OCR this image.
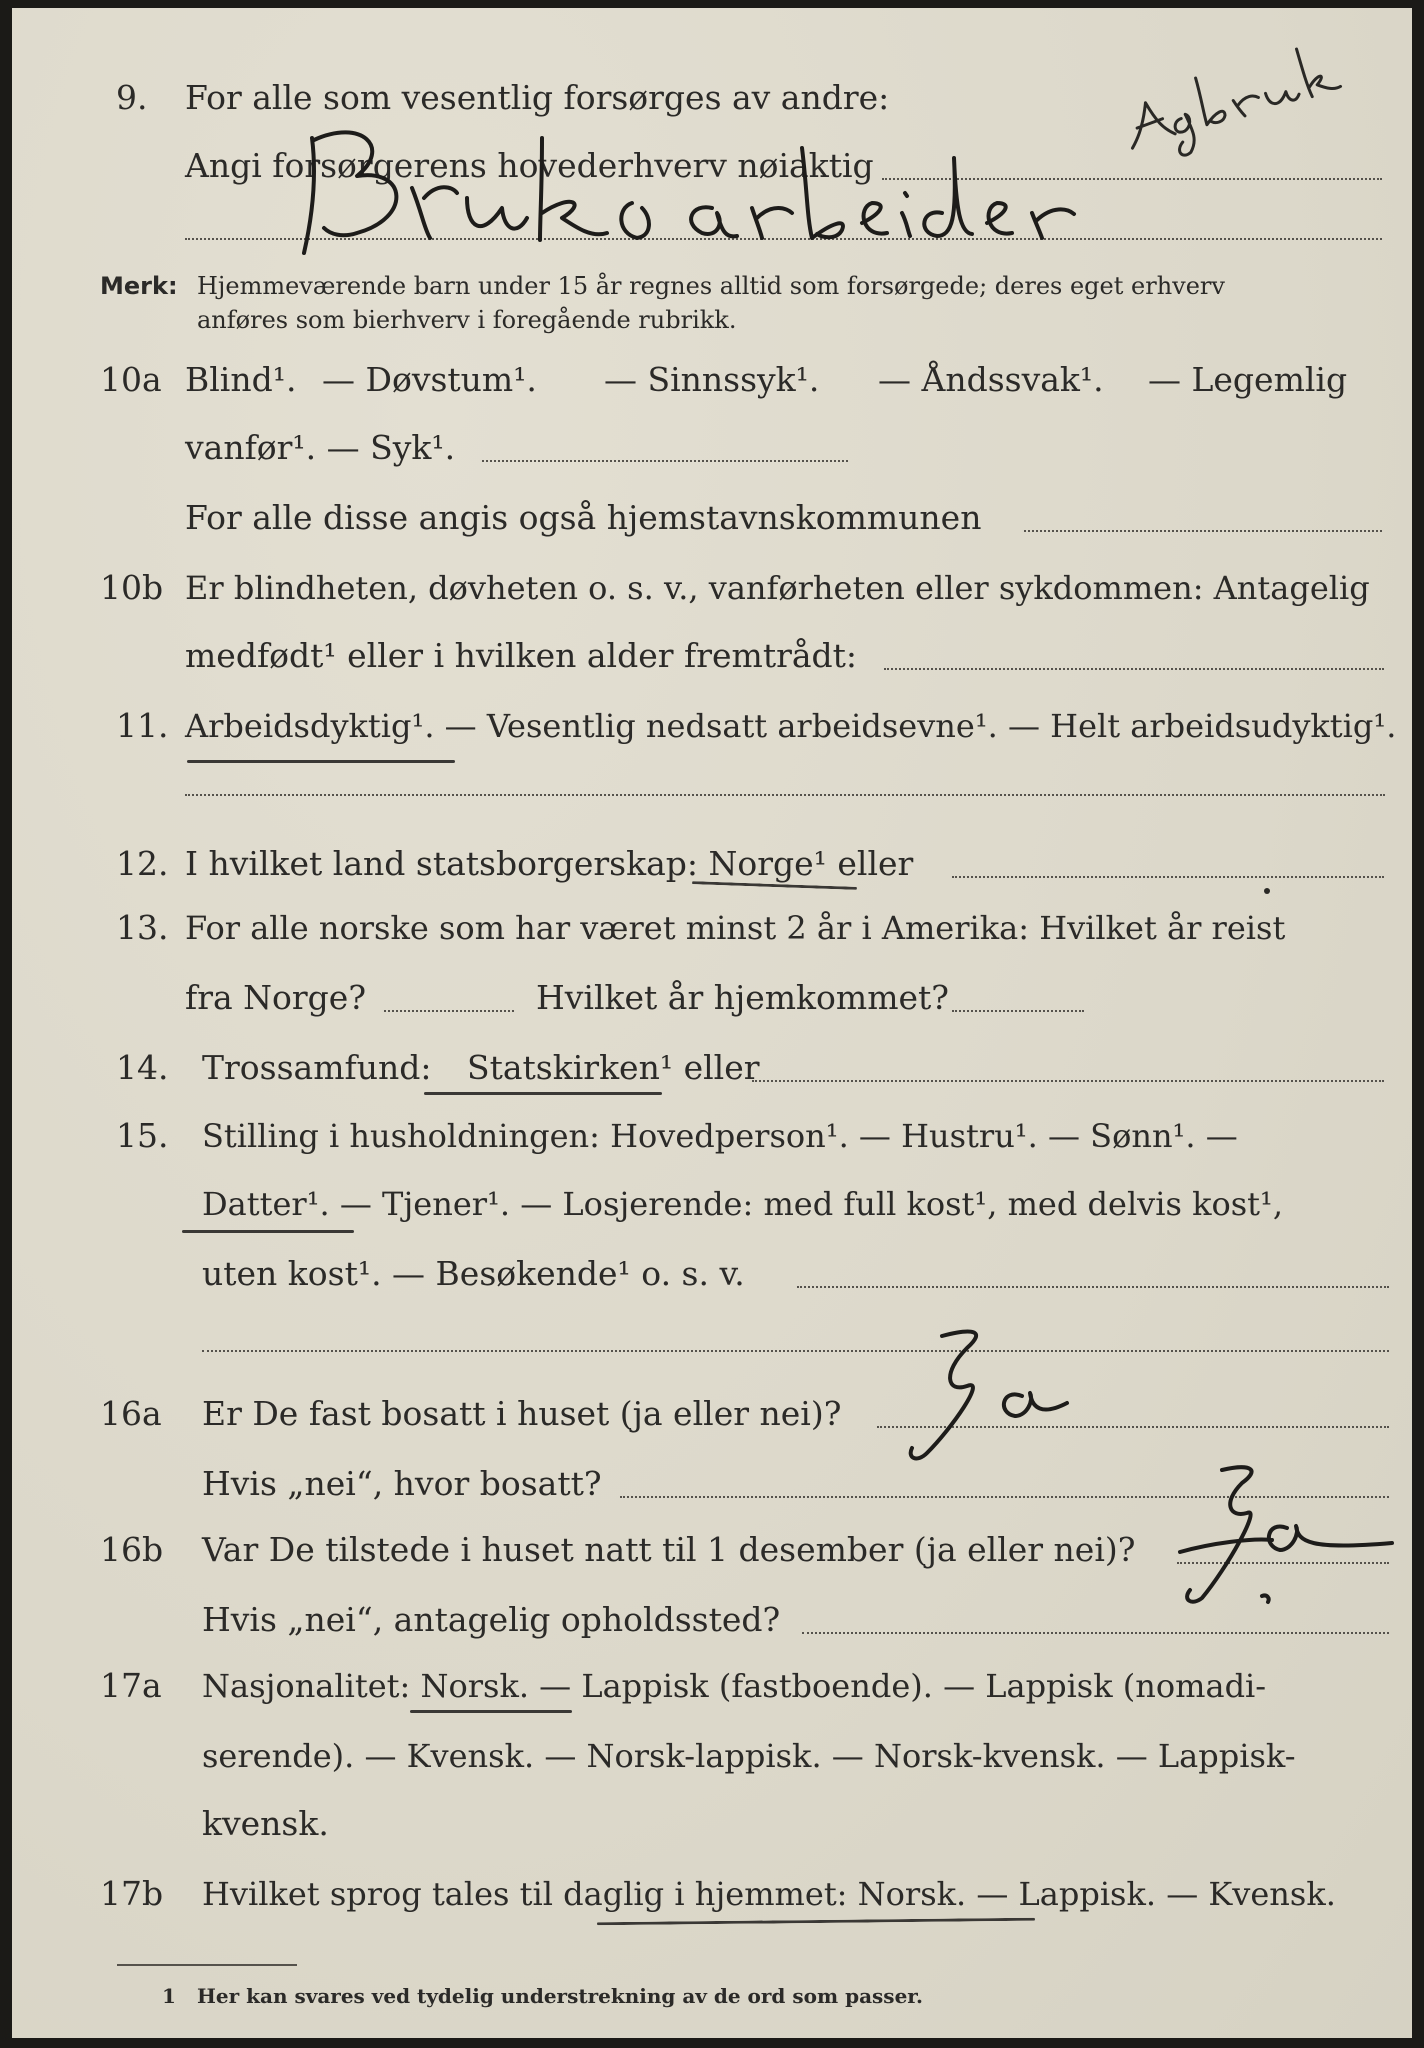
9. For alle som vesentlig forsørges av andre:
Angi forsørgerens hovederhverv nøiaktig
Merk: Hjemmeværende barn under 15 år regnes alltid som forsørgede; deres eget erhverv
anføres som bierhverv i foregående rubrikk.
10a Blind¹. — Døvstum¹. — Sinnssyk¹. — Åndssvak¹. — Legemlig
vanfør¹. — Syk¹.
For alle disse angis også hjemstavnskommunen
10b Er blindheten, døvheten o. s. v., vanførheten eller sykdommen: Antagelig
medfødt¹ eller i hvilken alder fremtrådt:
11. Arbeidsdyktig¹. — Vesentlig nedsatt arbeidsevne¹. — Helt arbeidsudyktig¹.
12. I hvilket land statsborgerskap: Norge¹ eller
13. For alle norske som har været minst 2 år i Amerika: Hvilket år reist
fra Norge?	Hvilket år hjemkommet?
14. Trossamfund: Statskirken¹ eller
15. Stilling i husholdningen: Hovedperson¹. — Hustru¹. — Sønn¹. —
Datter¹. — Tjener¹. — Losjerende: med full kost¹, med delvis kost¹,
uten kost¹. — Besøkende¹ o. s. v.
16a Er De fast bosatt i huset (ja eller nei)?
Hvis „nei“, hvor bosatt?
16b Var De tilstede i huset natt til 1 desember (ja eller nei)?
Hvis „nei“, antagelig opholdssted?
17a Nasjonalitet: Norsk. — Lappisk (fastboende). — Lappisk (nomadi-
serende). — Kvensk. — Norsk-lappisk. — Norsk-kvensk. — Lappisk-
kvensk.
17b Hvilket sprog tales til daglig i hjemmet: Norsk. — Lappisk. — Kvensk.
1 Her kan svares ved tydelig understrekning av de ord som passer.
